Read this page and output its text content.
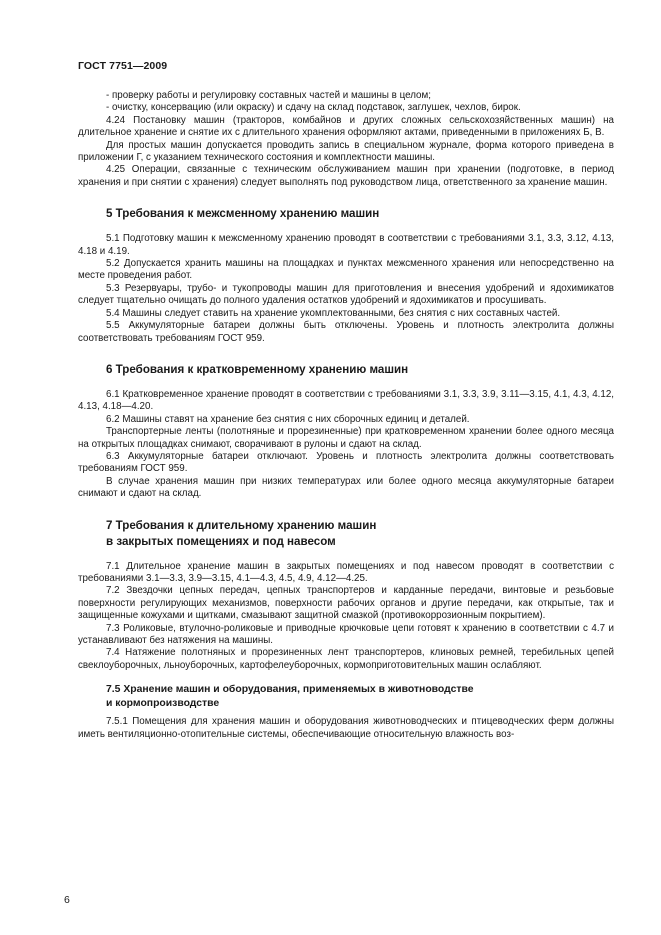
ГОСТ 7751—2009

- проверку работы и регулировку составных частей и машины в целом;

- очистку, консервацию (или окраску) и сдачу на склад подставок, заглушек, чехлов, бирок.

4.24 Постановку машин (тракторов, комбайнов и других сложных сельскохозяйственных машин) на длительное хранение и снятие их с длительного хранения оформляют актами, приведенными в приложениях Б, В.

Для простых машин допускается проводить запись в специальном журнале, форма которого приведена в приложении Г, с указанием технического состояния и комплектности машины.

4.25 Операции, связанные с техническим обслуживанием машин при хранении (подготовке, в период хранения и при снятии с хранения) следует выполнять под руководством лица, ответственного за хранение машин.

5 Требования к межсменному хранению машин

5.1 Подготовку машин к межсменному хранению проводят в соответствии с требованиями 3.1, 3.3, 3.12, 4.13, 4.18 и 4.19.

5.2 Допускается хранить машины на площадках и пунктах межсменного хранения или непосредственно на месте проведения работ.

5.3 Резервуары, трубо- и тукопроводы машин для приготовления и внесения удобрений и ядохимикатов следует тщательно очищать до полного удаления остатков удобрений и ядохимикатов и просушивать.

5.4 Машины следует ставить на хранение укомплектованными, без снятия с них составных частей.

5.5 Аккумуляторные батареи должны быть отключены. Уровень и плотность электролита должны соответствовать требованиям ГОСТ 959.

6 Требования к кратковременному хранению машин

6.1 Кратковременное хранение проводят в соответствии с требованиями 3.1, 3.3, 3.9, 3.11—3.15, 4.1, 4.3, 4.12, 4.13, 4.18—4.20.

6.2 Машины ставят на хранение без снятия с них сборочных единиц и деталей.

Транспортерные ленты (полотняные и прорезиненные) при кратковременном хранении более одного месяца на открытых площадках снимают, сворачивают в рулоны и сдают на склад.

6.3 Аккумуляторные батареи отключают. Уровень и плотность электролита должны соответствовать требованиям ГОСТ 959.

В случае хранения машин при низких температурах или более одного месяца аккумуляторные батареи снимают и сдают на склад.

7 Требования к длительному хранению машин

в закрытых помещениях и под навесом

7.1 Длительное хранение машин в закрытых помещениях и под навесом проводят в соответствии с требованиями 3.1—3.3, 3.9—3.15, 4.1—4.3, 4.5, 4.9, 4.12—4.25.

7.2 Звездочки цепных передач, цепных транспортеров и карданные передачи, винтовые и резьбовые поверхности регулирующих механизмов, поверхности рабочих органов и другие передачи, как открытые, так и защищенные кожухами и щитками, смазывают защитной смазкой (противокоррозионным покрытием).

7.3 Роликовые, втулочно-роликовые и приводные крючковые цепи готовят к хранению в соответствии с 4.7 и устанавливают без натяжения на машины.

7.4 Натяжение полотняных и прорезиненных лент транспортеров, клиновых ремней, теребильных цепей свеклоуборочных, льноуборочных, картофелеуборочных, кормоприготовительных машин ослабляют.

7.5 Хранение машин и оборудования, применяемых в животноводстве

и кормопроизводстве

7.5.1 Помещения для хранения машин и оборудования животноводческих и птицеводческих ферм должны иметь вентиляционно-отопительные системы, обеспечивающие относительную влажность воз-

6
